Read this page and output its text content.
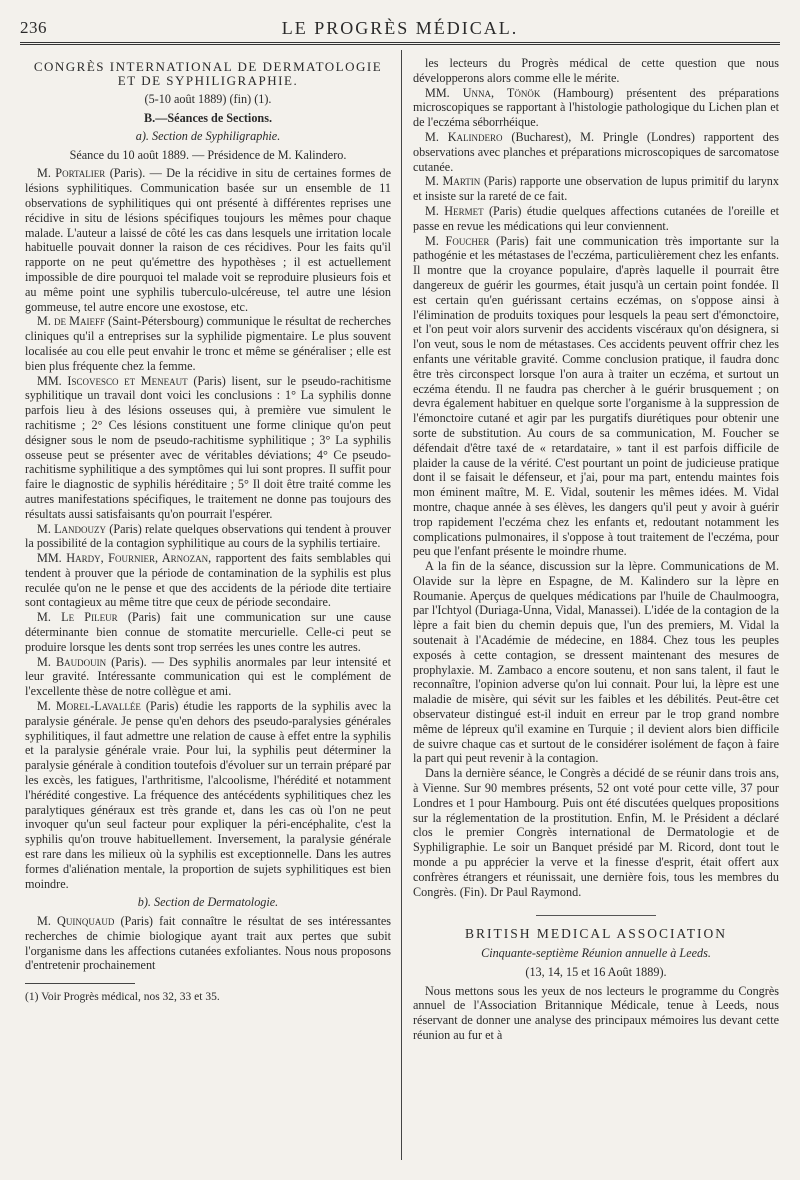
236	LE PROGRÈS MÉDICAL.
CONGRÈS INTERNATIONAL DE DERMATOLOGIE
ET DE SYPHILIGRAPHIE.
(5-10 août 1889) (fin) (1).
B.—Séances de Sections.
a). Section de Syphiligraphie.
Séance du 10 août 1889. — Présidence de M. Kalindero.

M. Portalier (Paris). — De la récidive in situ de certaines formes de lésions syphilitiques. Communication basée sur un ensemble de 11 observations de syphilitiques qui ont présenté à différentes reprises une récidive in situ de lésions spécifiques toujours les mêmes pour chaque malade. L'auteur a laissé de côté les cas dans lesquels une irritation locale habituelle pouvait donner la raison de ces récidives. Pour les faits qu'il rapporte on ne peut qu'émettre des hypothèses ; il est actuellement impossible de dire pourquoi tel malade voit se reproduire plusieurs fois et au même point une syphilis tuberculo-ulcéreuse, tel autre une lésion gommeuse, tel autre encore une exostose, etc.

M. de Maieff (Saint-Pétersbourg) communique le résultat de recherches cliniques qu'il a entreprises sur la syphilide pigmentaire. Le plus souvent localisée au cou elle peut envahir le tronc et même se généraliser ; elle est bien plus fréquente chez la femme.

MM. Iscovesco et Meneaut (Paris) lisent, sur le pseudo-rachitisme syphilitique un travail dont voici les conclusions : 1° La syphilis donne parfois lieu à des lésions osseuses qui, à première vue simulent le rachitisme ; 2° Ces lésions constituent une forme clinique qu'on peut désigner sous le nom de pseudo-rachitisme syphilitique ; 3° La syphilis osseuse peut se présenter avec de véritables déviations; 4° Ce pseudo-rachitisme syphilitique a des symptômes qui lui sont propres. Il suffit pour faire le diagnostic de syphilis héréditaire ; 5° Il doit être traité comme les autres manifestations spécifiques, le traitement ne donne pas toujours des résultats aussi satisfaisants qu'on pourrait l'espérer.

M. Landouzy (Paris) relate quelques observations qui tendent à prouver la possibilité de la contagion syphilitique au cours de la syphilis tertiaire.

MM. Hardy, Fournier, Arnozan, rapportent des faits semblables qui tendent à prouver que la période de contamination de la syphilis est plus reculée qu'on ne le pense et que des accidents de la période dite tertiaire sont contagieux au même titre que ceux de période secondaire.

M. Le Pileur (Paris) fait une communication sur une cause déterminante bien connue de stomatite mercurielle. Celle-ci peut se produire lorsque les dents sont trop serrées les unes contre les autres.

M. Baudouin (Paris). — Des syphilis anormales par leur intensité et leur gravité. Intéressante communication qui est le complément de l'excellente thèse de notre collègue et ami.

M. Morel-Lavallée (Paris) étudie les rapports de la syphilis avec la paralysie générale. Je pense qu'en dehors des pseudo-paralysies générales syphilitiques, il faut admettre une relation de cause à effet entre la syphilis et la paralysie générale vraie. Pour lui, la syphilis peut déterminer la paralysie générale à condition toutefois d'évoluer sur un terrain préparé par les excès, les fatigues, l'arthritisme, l'alcoolisme, l'hérédité et notamment l'hérédité congestive. La fréquence des antécédents syphilitiques chez les paralytiques généraux est très grande et, dans les cas où l'on ne peut invoquer qu'un seul facteur pour expliquer la péri-encéphalite, c'est la syphilis qu'on trouve habituellement. Inversement, la paralysie générale est rare dans les milieux où la syphilis est exceptionnelle. Dans les autres formes d'aliénation mentale, la proportion de sujets syphilitiques est bien moindre.

b). Section de Dermatologie.

M. Quinquaud (Paris) fait connaître le résultat de ses intéressantes recherches de chimie biologique ayant trait aux pertes que subit l'organisme dans les affections cutanées exfoliantes. Nous nous proposons d'entretenir prochainement

(1) Voir Progrès médical, nos 32, 33 et 35.

les lecteurs du Progrès médical de cette question que nous développerons alors comme elle le mérite.

MM. Unna, Tönök (Hambourg) présentent des préparations microscopiques se rapportant à l'histologie pathologique du Lichen plan et de l'eczéma séborrhéique.

M. Kalindero (Bucharest), M. Pringle (Londres) rapportent des observations avec planches et préparations microscopiques de sarcomatose cutanée.

M. Martin (Paris) rapporte une observation de lupus primitif du larynx et insiste sur la rareté de ce fait.

M. Hermet (Paris) étudie quelques affections cutanées de l'oreille et passe en revue les médications qui leur conviennent.

M. Foucher (Paris) fait une communication très importante sur la pathogénie et les métastases de l'eczéma, particulièrement chez les enfants. Il montre que la croyance populaire, d'après laquelle il pourrait être dangereux de guérir les gourmes, était jusqu'à un certain point fondée. Il est certain qu'en guérissant certains eczémas, on s'oppose ainsi à l'élimination de produits toxiques pour lesquels la peau sert d'émonctoire, et l'on peut voir alors survenir des accidents viscéraux qu'on désignera, si l'on veut, sous le nom de métastases. Ces accidents peuvent offrir chez les enfants une véritable gravité. Comme conclusion pratique, il faudra donc être très circonspect lorsque l'on aura à traiter un eczéma, et surtout un eczéma étendu. Il ne faudra pas chercher à le guérir brusquement ; on devra également habituer en quelque sorte l'organisme à la suppression de l'émonctoire cutané et agir par les purgatifs diurétiques pour obtenir une sorte de substitution. Au cours de sa communication, M. Foucher se défendait d'être taxé de « retardataire, » tant il est parfois difficile de plaider la cause de la vérité. C'est pourtant un point de judicieuse pratique dont il se faisait le défenseur, et j'ai, pour ma part, entendu maintes fois mon éminent maître, M. E. Vidal, soutenir les mêmes idées. M. Vidal montre, chaque année à ses élèves, les dangers qu'il peut y avoir à guérir trop rapidement l'eczéma chez les enfants et, redoutant notamment les complications pulmonaires, il s'oppose à tout traitement de l'eczéma, pour peu que l'enfant présente le moindre rhume.

A la fin de la séance, discussion sur la lèpre. Communications de M. Olavide sur la lèpre en Espagne, de M. Kalindero sur la lèpre en Roumanie. Aperçus de quelques médications par l'huile de Chaulmoogra, par l'Ichtyol (Duriaga-Unna, Vidal, Manassei). L'idée de la contagion de la lèpre a fait bien du chemin depuis que, l'un des premiers, M. Vidal la soutenait à l'Académie de médecine, en 1884. Chez tous les peuples exposés à cette contagion, se dressent maintenant des mesures de prophylaxie. M. Zambaco a encore soutenu, et non sans talent, il faut le reconnaître, l'opinion adverse qu'on lui connait. Pour lui, la lèpre est une maladie de misère, qui sévit sur les faibles et les débilités. Peut-être cet observateur distingué est-il induit en erreur par le trop grand nombre même de lépreux qu'il examine en Turquie ; il devient alors bien difficile de suivre chaque cas et surtout de le considérer isolément de façon à faire la part qui peut revenir à la contagion.

Dans la dernière séance, le Congrès a décidé de se réunir dans trois ans, à Vienne. Sur 90 membres présents, 52 ont voté pour cette ville, 37 pour Londres et 1 pour Hambourg. Puis ont été discutées quelques propositions sur la réglementation de la prostitution. Enfin, M. le Président a déclaré clos le premier Congrès international de Dermatologie et de Syphiligraphie. Le soir un Banquet présidé par M. Ricord, dont tout le monde a pu apprécier la verve et la finesse d'esprit, était offert aux confrères étrangers et réunissait, une dernière fois, tous les membres du Congrès. (Fin). Dr Paul Raymond.

BRITISH MEDICAL ASSOCIATION
Cinquante-septième Réunion annuelle à Leeds.
(13, 14, 15 et 16 Août 1889).

Nous mettons sous les yeux de nos lecteurs le programme du Congrès annuel de l'Association Britannique Médicale, tenue à Leeds, nous réservant de donner une analyse des principaux mémoires lus devant cette réunion au fur et à
